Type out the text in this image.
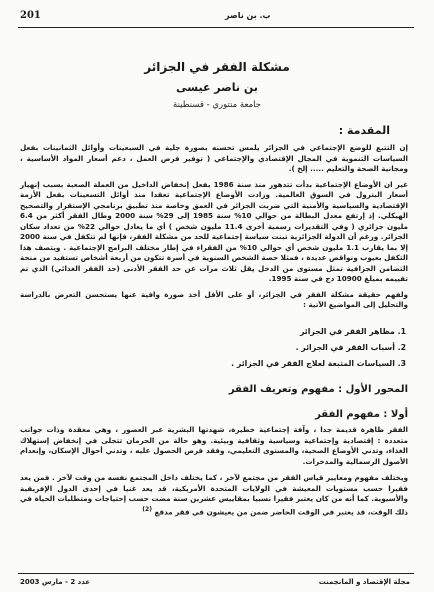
201	ب. بن ناصر
مشكلة الفقر في الجزائر
بن ناصر عيسى
جامعة منتوري - قسنطينة
المقدمة :

إن التتبع للوضع الإجتماعي في الجزائر يلمس تحسنه بصورة جلية في السبعينات وأوائل الثمانينات بفعل السياسات التنموية في المجال الإقتصادي والإجتماعي ( توفير فرص العمل ، دعم أسعار المواد الأساسية ، ومجانية الصحة والتعليم ..... إلخ ).

غير ان الأوضاع الإجتماعية بدأت تتدهور منذ سنة 1986 بفعل إنخفاض الداخيل من العملة الصعبة بسبب إنهيار أسعار البترول في السوق العالمية. وزادت الأوضاع الإجتماعية تعقدا منذ أوائل التسعينات بفعل الأزمة الإقتصادية والسياسية والأمنية التي ضربت الجزائر في العمق وخاصة منذ تطبيق برنامجي الإستقرار والتصحيح الهيكلي. إذ إرتفع معدل البطالة من حوالي 10% سنة 1985 إلى 29% سنة 2000 وطال الفقر أكثر من 6.4 مليون جزائري ( وفي التقديرات رسمية أخرى 11.4 مليون شخص ) أي ما يعادل حوالي 22% من تعداد سكان الجزائر. ورغم أن الدولة الجزائرية تبنت سياسة إجتماعية للحد من مشكلة الفقر، فإنها لم تتكفل في سنة 2000 إلا بما يقارب 1.1 مليون شخص أي حوالي 10% من الفقراء في إطار مختلف البرامج الإجتماعية . ويتصف هذا التكفل بعيوب ونواقص عديدة ، فمثلا حصة الشخص السنوية في أسرة تتكون من أربعة أشخاص تستفيد من منحة التضامن الجزافية تمثل مستوى من الدخل يقل ثلاث مرات عن حد الفقر الأدنى (حد الفقر الغذائي) الذي تم تقييمه بمبلغ 10900 دج في سنة 1995.

ولفهم حقيقة مشكلة الفقر في الجزائر، أو على الأقل أخذ صورة وافية عنها يستحسن التعرض بالدراسة والتحليل إلى المواضيع الآتية :

1. مظاهر الفقر في الجزائر
2. أسباب الفقر في الجزائر .
3. السياسات المتبعة لعلاج الفقر في الجزائر .
المحور الأول : مفهوم وتعريف الفقر
أولا : مفهوم الفقر

الفقر ظاهرة قديمة جدا ، وآفة إجتماعية خطيرة، شهدتها البشرية عبر العصور ، وهي معقدة وذات جوانب متعددة : إقتصادية وإجتماعية وسياسية وثقافية وبيئية. وهو حالة من الحرمان تتجلى في إنخفاض إستهلاك الغذاء، وتدني الأوضاع الصحية، والمستوى التعليمي، وفقد فرص الحصول عليه ، وتدني أحوال الإسكان، وإنعدام الأصول الرسمالية والمدخرات.

ويختلف مفهوم ومعايير قياس الفقر من مجتمع لآخر ، كما يختلف داخل المجتمع نفسه من وقت لآخر . فمن يعد فقيرا حسب مستويات المعيشة في الولايات المتحدة الأمريكية، قد يعد غنيا في إحدى الدول الإفريقية والأسيوية. كما أنه من كان يعتبر فقيرا نسبيا بمقاييس عشرين سنة مضت حسب إحتياجات ومتطلبات الحياة في ذلك الوقت، قد يعتبر في الوقت الحاضر ضمن من يعيشون في فقر مدقع $^{(2)}$

مجلة الإقتصاد و المانجمنت
عدد 2 - مارس 2003
